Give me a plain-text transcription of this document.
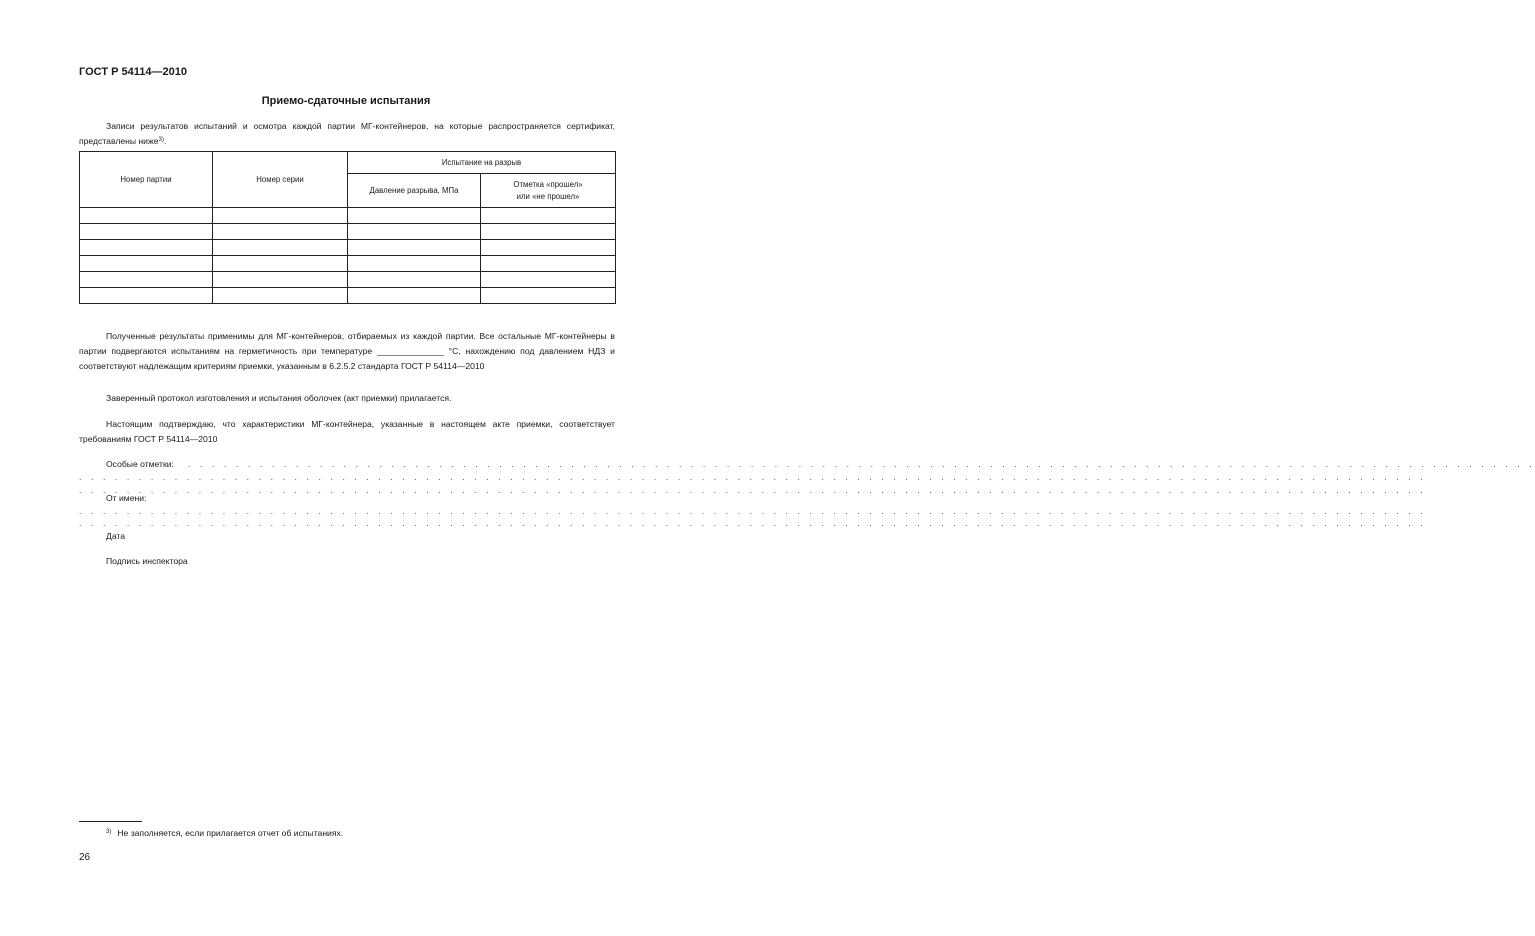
ГОСТ Р 54114—2010
Приемо-сдаточные испытания

Записи результатов испытаний и осмотра каждой партии МГ-контейнеров, на которые распространяется сертификат, представлены ниже$^{3)}$.

Номер партии	Номер серии	Испытание на разрыв	
		Давление разрыва, МПа	Отметка «прошел»
или «не прошел»

Полученные результаты применимы для МГ-контейнеров, отбираемых из каждой партии. Все остальные МГ-контейнеры в партии подвергаются испытаниям на герметичность при температуре ______________ °С, нахождению под давлением НДЗ и соответствуют надлежащим критериям приемки, указанным в 6.2.5.2 стандарта ГОСТ Р 54114—2010

Заверенный протокол изготовления и испытания оболочек (акт приемки) прилагается.

Настоящим подтверждаю, что характеристики МГ-контейнера, указанные в настоящем акте приемки, соответствует требованиям ГОСТ Р 54114—2010

Особые отметки: . . . . . . . . . . . . . . . . . . . . . . . . . . . . . . . . . . . . . . . . . . . . . . . . . . . . . . . . . . . . . . . . . . . . . . . . . . . . . . . . . . . . . . . . . . . . . . . . . . . . . . . . . . . . . . . . .
. . . . . . . . . . . . . . . . . . . . . . . . . . . . . . . . . . . . . . . . . . . . . . . . . . . . . . . . . . . . . . . . . . . . . . . . . . . . . . . . . . . . . . . . . . . . . . . . . . . . . . . . . . . . . . . . .
. . . . . . . . . . . . . . . . . . . . . . . . . . . . . . . . . . . . . . . . . . . . . . . . . . . . . . . . . . . . . . . . . . . . . . . . . . . . . . . . . . . . . . . . . . . . . . . . . . . . . . . . . . . . . . . . .
От имени:
. . . . . . . . . . . . . . . . . . . . . . . . . . . . . . . . . . . . . . . . . . . . . . . . . . . . . . . . . . . . . . . . . . . . . . . . . . . . . . . . . . . . . . . . . . . . . . . . . . . . . . . . . . . . . . . . .
. . . . . . . . . . . . . . . . . . . . . . . . . . . . . . . . . . . . . . . . . . . . . . . . . . . . . . . . . . . . . . . . . . . . . . . . . . . . . . . . . . . . . . . . . . . . . . . . . . . . . . . . . . . . . . . . .
Дата
Подпись инспектора
$^{3)}$ Не заполняется, если прилагается отчет об испытаниях.
26
